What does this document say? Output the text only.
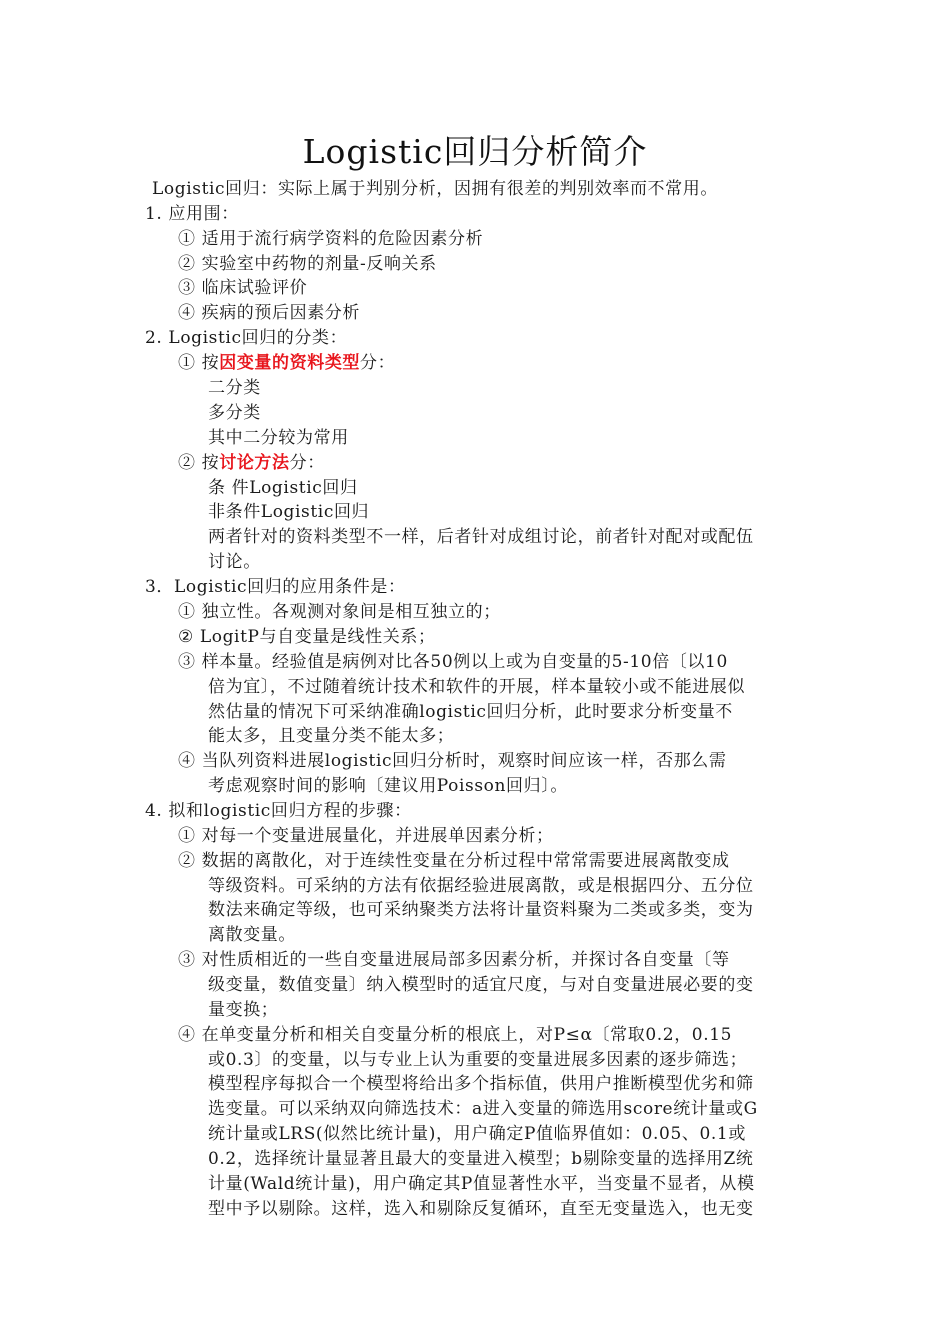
Logistic回归分析简介
Logistic回归：实际上属于判别分析，因拥有很差的判别效率而不常用。
1. 应用围：
① 适用于流行病学资料的危险因素分析
② 实验室中药物的剂量-反响关系
③ 临床试验评价
④ 疾病的预后因素分析
2. Logistic回归的分类：
① 按因变量的资料类型分：
二分类
多分类
其中二分较为常用
② 按讨论方法分：
条 件Logistic回归
非条件Logistic回归
两者针对的资料类型不一样，后者针对成组讨论，前者针对配对或配伍
讨论。
3．Logistic回归的应用条件是：
① 独立性。各观测对象间是相互独立的；
② LogitP与自变量是线性关系；
③ 样本量。经验值是病例对比各50例以上或为自变量的5-10倍〔以10
倍为宜〕，不过随着统计技术和软件的开展，样本量较小或不能进展似
然估量的情况下可采纳准确logistic回归分析，此时要求分析变量不
能太多，且变量分类不能太多；
④ 当队列资料进展logistic回归分析时，观察时间应该一样，否那么需
考虑观察时间的影响〔建议用Poisson回归〕。
4. 拟和logistic回归方程的步骤：
① 对每一个变量进展量化，并进展单因素分析；
② 数据的离散化，对于连续性变量在分析过程中常常需要进展离散变成
等级资料。可采纳的方法有依据经验进展离散，或是根据四分、五分位
数法来确定等级，也可采纳聚类方法将计量资料聚为二类或多类，变为
离散变量。
③ 对性质相近的一些自变量进展局部多因素分析，并探讨各自变量〔等
级变量，数值变量〕纳入模型时的适宜尺度，与对自变量进展必要的变
量变换；
④ 在单变量分析和相关自变量分析的根底上，对P≤α〔常取0.2，0.15
或0.3〕的变量，以与专业上认为重要的变量进展多因素的逐步筛选；
模型程序每拟合一个模型将给出多个指标值，供用户推断模型优劣和筛
选变量。可以采纳双向筛选技术：a进入变量的筛选用score统计量或G
统计量或LRS(似然比统计量)，用户确定P值临界值如：0.05、0.1或
0.2，选择统计量显著且最大的变量进入模型；b剔除变量的选择用Z统
计量(Wald统计量)，用户确定其P值显著性水平，当变量不显者，从模
型中予以剔除。这样，选入和剔除反复循环，直至无变量选入，也无变
